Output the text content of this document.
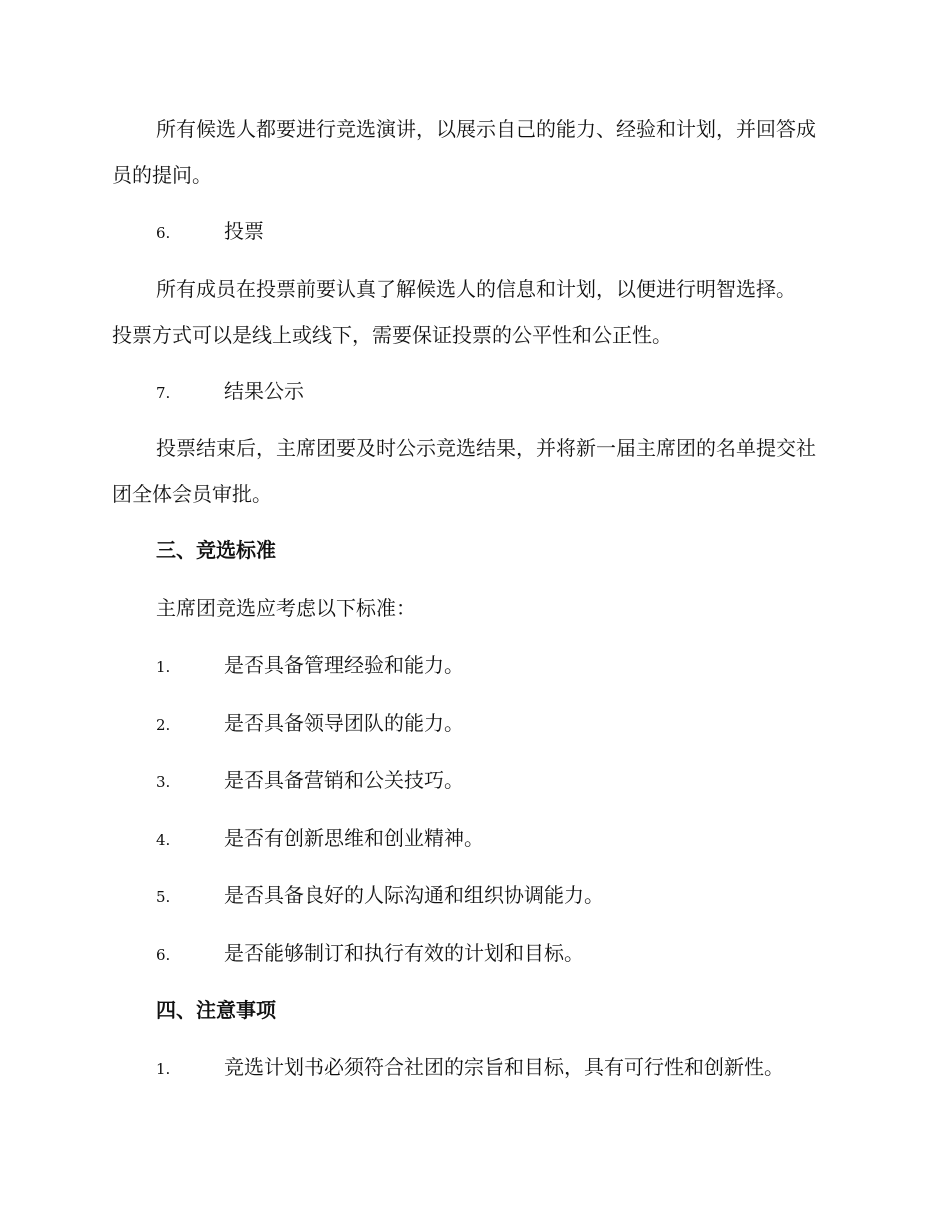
所有候选人都要进行竞选演讲，以展示自己的能力、经验和计划，并回答成
员的提问。
6.	投票
所有成员在投票前要认真了解候选人的信息和计划，以便进行明智选择。
投票方式可以是线上或线下，需要保证投票的公平性和公正性。
7.	结果公示
投票结束后，主席团要及时公示竞选结果，并将新一届主席团的名单提交社
团全体会员审批。
三、竞选标准
主席团竞选应考虑以下标准：
1.	是否具备管理经验和能力。
2.	是否具备领导团队的能力。
3.	是否具备营销和公关技巧。
4.	是否有创新思维和创业精神。
5.	是否具备良好的人际沟通和组织协调能力。
6.	是否能够制订和执行有效的计划和目标。
四、注意事项
1.	竞选计划书必须符合社团的宗旨和目标，具有可行性和创新性。
